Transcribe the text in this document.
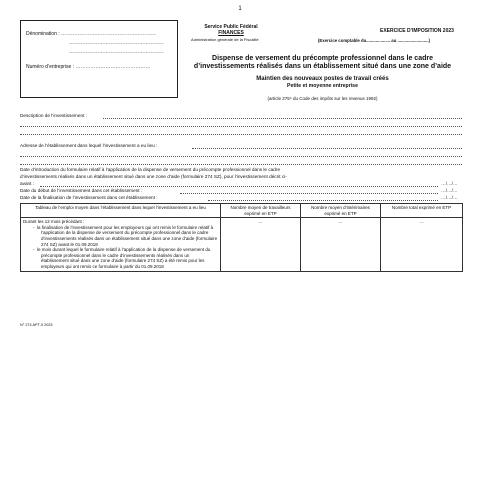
1
Dénomination : …………………………………………………
…………………………………………………
…………………………………………………
Numéro d’entreprise : ………………………………………
Service Public Fédéral
FINANCES
Administration générale de la Fiscalité
EXERCICE D’IMPOSITION 2023
(Exercice comptable du.................... au ..........................)
Dispense de versement du précompte professionnel dans le cadre
d’investissements réalisés dans un établissement situé dans une zone d’aide
Maintien des nouveaux postes de travail créés
Petite et moyenne entreprise
(article 275⁹ du Code des impôts sur les revenus 1992)
Description de l’investissement :
Adresse de l’établissement dans lequel l’investissement a eu lieu :
Date d’introduction du formulaire relatif à l’application de la dispense de versement du précompte professionnel dans le cadre
d’investissements réalisés dans un établissement situé dans une zone d’aide (formulaire 274 SZ), pour l’investissement décrit ci-
avant :	…/…/…
Date du début de l’investissement dans cet établissement :	…/…/…
Date de la finalisation de l’investissement dans cet établissement :	…/…/…
Tableau de l’emploi moyen dans l’établissement dans lequel l’investissement a eu lieu	Nombre moyen de travailleurs exprimé en ETP	Nombre moyen d’intérimaires exprimé en ETP	Nombre total exprimé en ETP

Durant les 12 mois précédant :

-  la finalisation de l’investissement pour les employeurs qui ont remis le formulaire relatif à l’application de la dispense de versement du précompte professionnel dans le cadre d’investissements réalisés dans un établissement situé dans une zone d’aide (formulaire 274 SZ) avant le 01.09.2018

-  le mois durant lequel le formulaire relatif à l’application de la dispense de versement du précompte professionnel dans le cadre d’investissements réalisés dans un établissement situé dans une zone d’aide (formulaire 274 SZ) a été remis pour les employeurs qui ont remis ce formulaire à partir du 01.09.2018	…	…	…
N° 274 APT-9 2023
